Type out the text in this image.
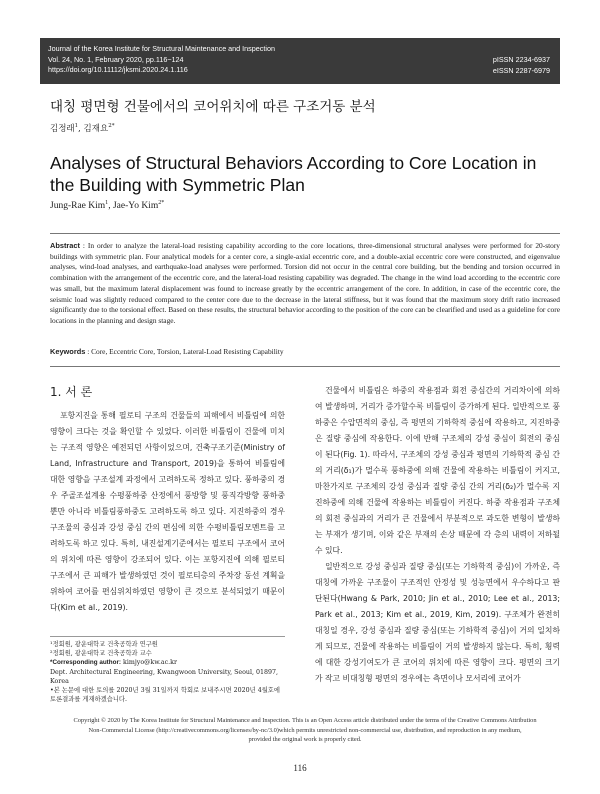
Journal of the Korea Institute for Structural Maintenance and Inspection
Vol. 24, No. 1, February 2020, pp.116~124
https://doi.org/10.11112/jksmi.2020.24.1.116
pISSN 2234-6937
eISSN 2287-6979
대칭 평면형 건물에서의 코어위치에 따른 구조거동 분석
김정래$^1$, 김재요$^{2*}$
Analyses of Structural Behaviors According to Core Location in the Building with Symmetric Plan
Jung-Rae Kim$^1$, Jae-Yo Kim$^{2*}$
Abstract : In order to analyze the lateral-load resisting capability according to the core locations, three-dimensional structural analyses were performed for 20-story buildings with symmetric plan. Four analytical models for a center core, a single-axial eccentric core, and a double-axial eccentric core were constructed, and eigenvalue analyses, wind-load analyses, and earthquake-load analyses were performed. Torsion did not occur in the central core building, but the bending and torsion occurred in combination with the arrangement of the eccentric core, and the lateral-load resisting capability was degraded. The change in the wind load according to the eccentric core was small, but the maximum lateral displacement was found to increase greatly by the eccentric arrangement of the core. In addition, in case of the eccentric core, the seismic load was slightly reduced compared to the center core due to the decrease in the lateral stiffness, but it was found that the maximum story drift ratio increased significantly due to the torsional effect. Based on these results, the structural behavior according to the position of the core can be clearified and used as a guideline for core locations in the planning and design stage.
Keywords : Core, Eccentric Core, Torsion, Lateral-Load Resisting Capability
1. 서 론

포항지진을 통해 필로티 구조의 건물들의 피해에서 비틀림에 의한 영향이 크다는 것을 확인할 수 있었다. 이러한 비틀림이 건물에 미치는 구조적 영향은 예전되던 사항이었으며, 건축구조기준(Ministry of Land, Infrastructure and Transport, 2019)을 통하여 비틀림에 대한 영향을 구조설계 과정에서 고려하도록 정하고 있다. 풍하중의 경우 주골조설계용 수평풍하중 산정에서 풍방향 및 풍직각방향 풍하중 뿐만 아니라 비틀림풍하중도 고려하도록 하고 있다. 지진하중의 경우 구조물의 중심과 강성 중심 간의 편심에 의한 수평비틀림모멘트를 고려하도록 하고 있다. 특히, 내진설계기준에서는 필로티 구조에서 코어의 위치에 따른 영향이 강조되어 있다. 이는 포항지진에 의해 필로티 구조에서 큰 피해가 발생하였던 것이 필로티층의 주차장 동선 계획을 위하여 코어를 편심위치하였던 영향이 큰 것으로 분석되었기 때문이다(Kim et al., 2019).

건물에서 비틀림은 하중의 작용점과 회전 중심간의 거리차이에 의하여 발생하며, 거리가 증가할수록 비틀림이 증가하게 된다. 일반적으로 풍하중은 수압면적의 중심, 즉 평면의 기하학적 중심에 작용하고, 지진하중은 질량 중심에 작용한다. 이에 반해 구조체의 강성 중심이 회전의 중심이 된다(Fig. 1). 따라서, 구조체의 강성 중심과 평면의 기하학적 중심 간의 거리(δ₁)가 멀수록 풍하중에 의해 건물에 작용하는 비틀림이 커지고, 마찬가지로 구조체의 강성 중심과 질량 중심 간의 거리(δ₂)가 멀수록 지진하중에 의해 건물에 작용하는 비틀림이 커진다. 하중 작용점과 구조체의 회전 중심과의 거리가 큰 건물에서 부분적으로 과도한 변형이 발생하는 부재가 생기며, 이와 같은 부재의 손상 때문에 각 층의 내력이 저하될 수 있다.

일반적으로 강성 중심과 질량 중심(또는 기하학적 중심)이 가까운, 즉 대칭에 가까운 구조물이 구조적인 안정성 및 성능면에서 우수하다고 판단된다(Hwang & Park, 2010; Jin et al., 2010; Lee et al., 2013; Park et al., 2013; Kim et al., 2019, Kim, 2019). 구조체가 완전히 대칭일 경우, 강성 중심과 질량 중심(또는 기하학적 중심)이 거의 일치하게 되므로, 건물에 작용하는 비틀림이 거의 발생하지 않는다. 특히, 횡력에 대한 강성기여도가 큰 코어의 위치에 따른 영향이 크다. 평면의 크기가 작고 비대칭형 평면의 경우에는 측면이나 모서리에 코어가

¹정회원, 광운대학교 건축공학과 연구원
²정회원, 광운대학교 건축공학과 교수
*Corresponding author: kimjyo@kw.ac.kr
Dept. Architectural Engineering, Kwangwoon University, Seoul, 01897, Korea
•본 논문에 대한 토의를 2020년 3월 31일까지 학회로 보내주시면 2020년 4월호에 토론결과를 게재하겠습니다.
Copyright © 2020 by The Korea Institute for Structural Maintenance and Inspection. This is an Open Access article distributed under the terms of the Creative Commons Attribution
Non-Commercial License (http://creativecommons.org/licenses/by-nc/3.0)which permits unrestricted non-commercial use, distribution, and reproduction in any medium,
provided the original work is properly cited.
116
